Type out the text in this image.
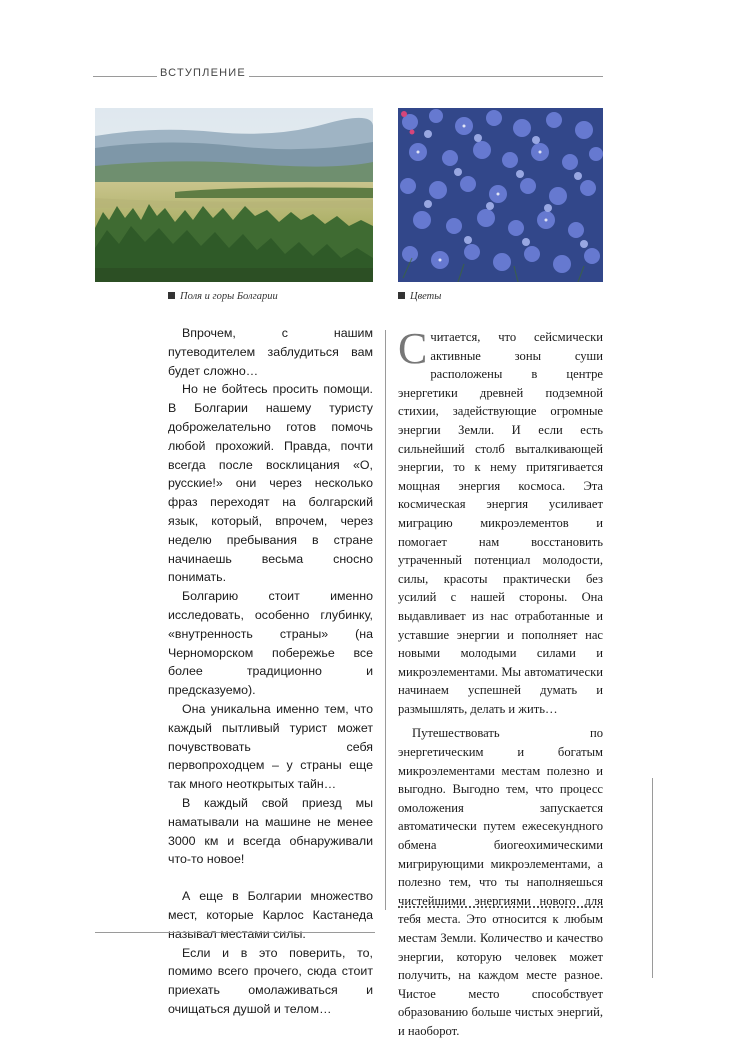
ВСТУПЛЕНИЕ
Поля и горы Болгарии	Цветы

Впрочем, с нашим путеводителем заблудиться вам будет сложно…

Но не бойтесь просить помощи. В Болгарии нашему туристу доброжелательно готов помочь любой прохожий. Правда, почти всегда после восклицания «О, русские!» они через несколько фраз переходят на болгарский язык, который, впрочем, через неделю пребывания в стране начинаешь весьма сносно понимать.

Болгарию стоит именно исследовать, особенно глубинку, «внутренность страны» (на Черноморском побережье все более традиционно и предсказуемо).

Она уникальна именно тем, что каждый пытливый турист может почувствовать себя первопроходцем – у страны еще так много неоткрытых тайн…

В каждый свой приезд мы наматывали на машине не менее 3000 км и всегда обнаруживали что-то новое!

А еще в Болгарии множество мест, которые Карлос Кастанеда называл местами силы.

Если и в это поверить, то, помимо всего прочего, сюда стоит приехать омолаживаться и очищаться душой и телом…

Считается, что сейсмически активные зоны суши расположены в центре энергетики древней подземной стихии, задействующие огромные энергии Земли. И если есть сильнейший столб выталкивающей энергии, то к нему притягивается мощная энергия космоса. Эта космическая энергия усиливает миграцию микроэлементов и помогает нам восстановить утраченный потенциал молодости, силы, красоты практически без усилий с нашей стороны. Она выдавливает из нас отработанные и уставшие энергии и пополняет нас новыми молодыми силами и микроэлементами. Мы автоматически начинаем успешней думать и размышлять, делать и жить…

Путешествовать по энергетическим и богатым микроэлементами местам полезно и выгодно. Выгодно тем, что процесс омоложения запускается автоматически путем ежесекундного обмена биогеохимическими мигрирующими микроэлементами, а полезно тем, что ты наполняешься чистейшими энергиями нового для тебя места. Это относится к любым местам Земли. Количество и качество энергии, которую человек может получить, на каждом месте разное. Чистое место способствует образованию больше чистых энергий, и наоборот.
